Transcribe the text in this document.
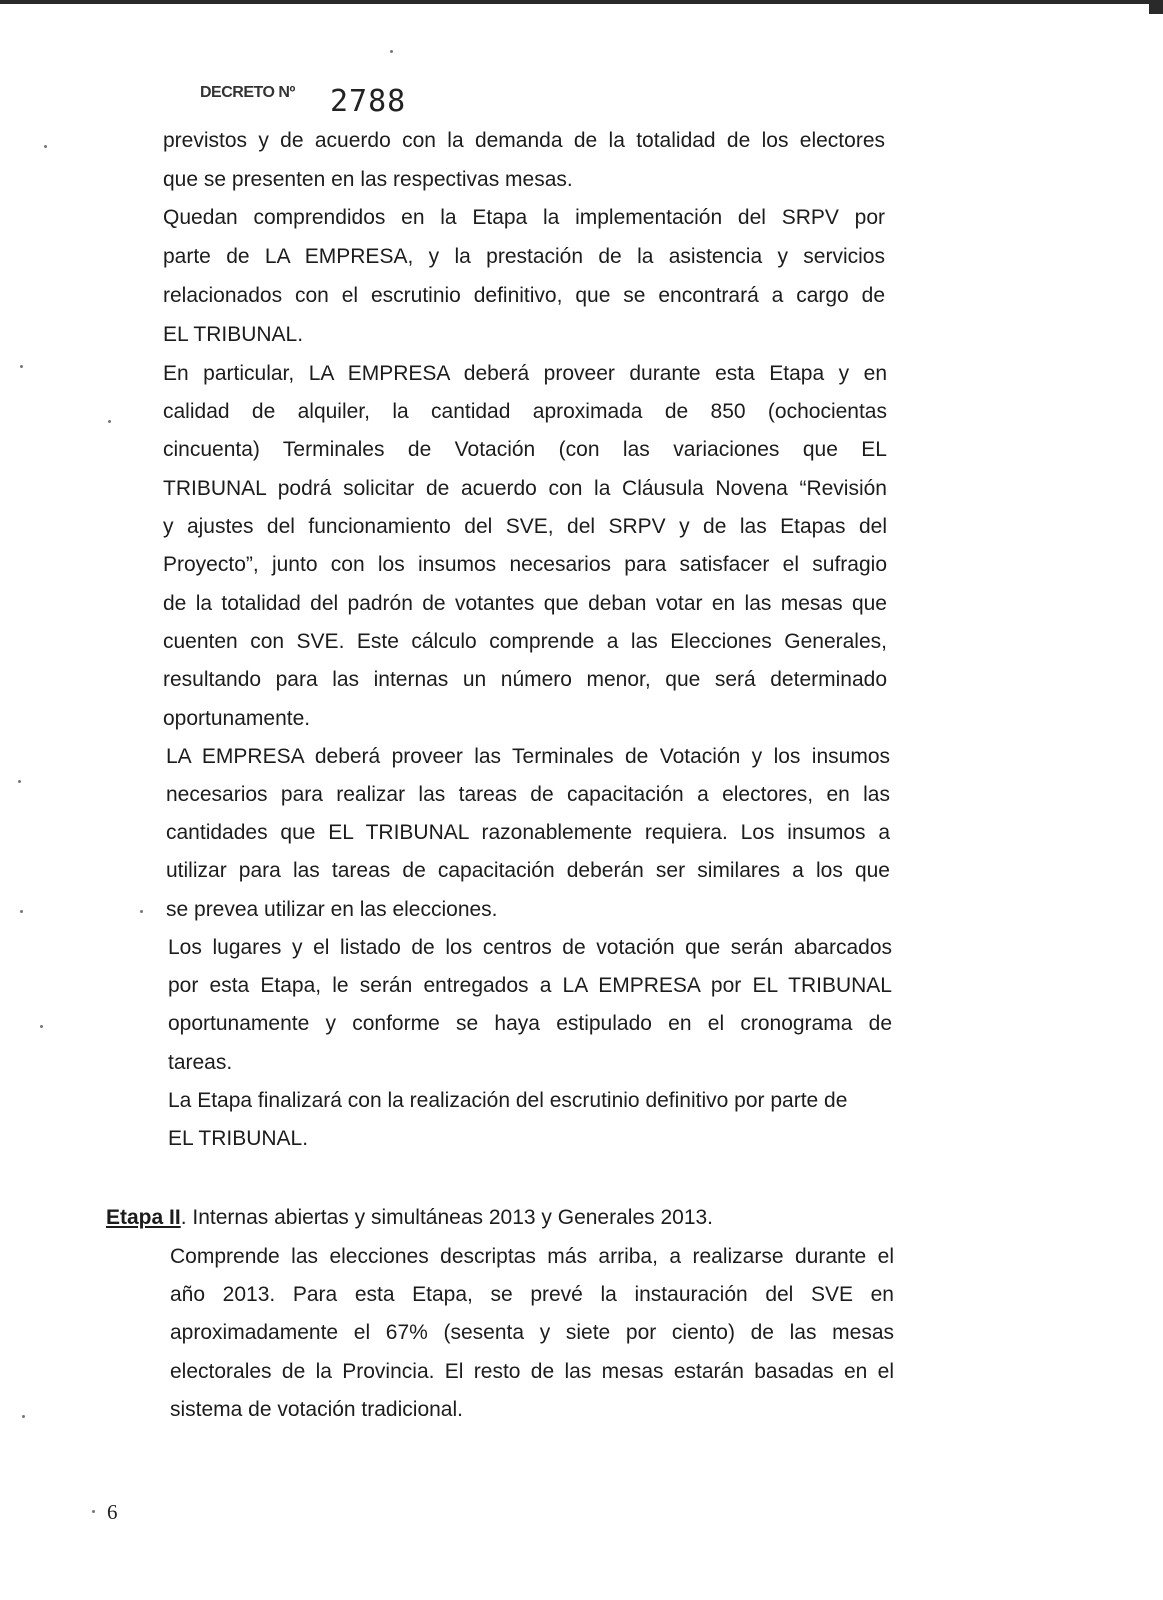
DECRETO Nº 2788

previstos y de acuerdo con la demanda de la totalidad de los electores

que se presenten en las respectivas mesas.

Quedan comprendidos en la Etapa la implementación del SRPV por

parte de LA EMPRESA, y la prestación de la asistencia y servicios

relacionados con el escrutinio definitivo, que se encontrará a cargo de

EL TRIBUNAL.

En particular, LA EMPRESA deberá proveer durante esta Etapa y en

calidad de alquiler, la cantidad aproximada de 850 (ochocientas

cincuenta) Terminales de Votación (con las variaciones que EL

TRIBUNAL podrá solicitar de acuerdo con la Cláusula Novena “Revisión

y ajustes del funcionamiento del SVE, del SRPV y de las Etapas del

Proyecto”, junto con los insumos necesarios para satisfacer el sufragio

de la totalidad del padrón de votantes que deban votar en las mesas que

cuenten con SVE. Este cálculo comprende a las Elecciones Generales,

resultando para las internas un número menor, que será determinado

oportunamente.

LA EMPRESA deberá proveer las Terminales de Votación y los insumos

necesarios para realizar las tareas de capacitación a electores, en las

cantidades que EL TRIBUNAL razonablemente requiera. Los insumos a

utilizar para las tareas de capacitación deberán ser similares a los que

se prevea utilizar en las elecciones.

Los lugares y el listado de los centros de votación que serán abarcados

por esta Etapa, le serán entregados a LA EMPRESA por EL TRIBUNAL

oportunamente y conforme se haya estipulado en el cronograma de

tareas.

La Etapa finalizará con la realización del escrutinio definitivo por parte de

EL TRIBUNAL.

Etapa II. Internas abiertas y simultáneas 2013 y Generales 2013.

Comprende las elecciones descriptas más arriba, a realizarse durante el

año 2013. Para esta Etapa, se prevé la instauración del SVE en

aproximadamente el 67% (sesenta y siete por ciento) de las mesas

electorales de la Provincia. El resto de las mesas estarán basadas en el

sistema de votación tradicional.

6
